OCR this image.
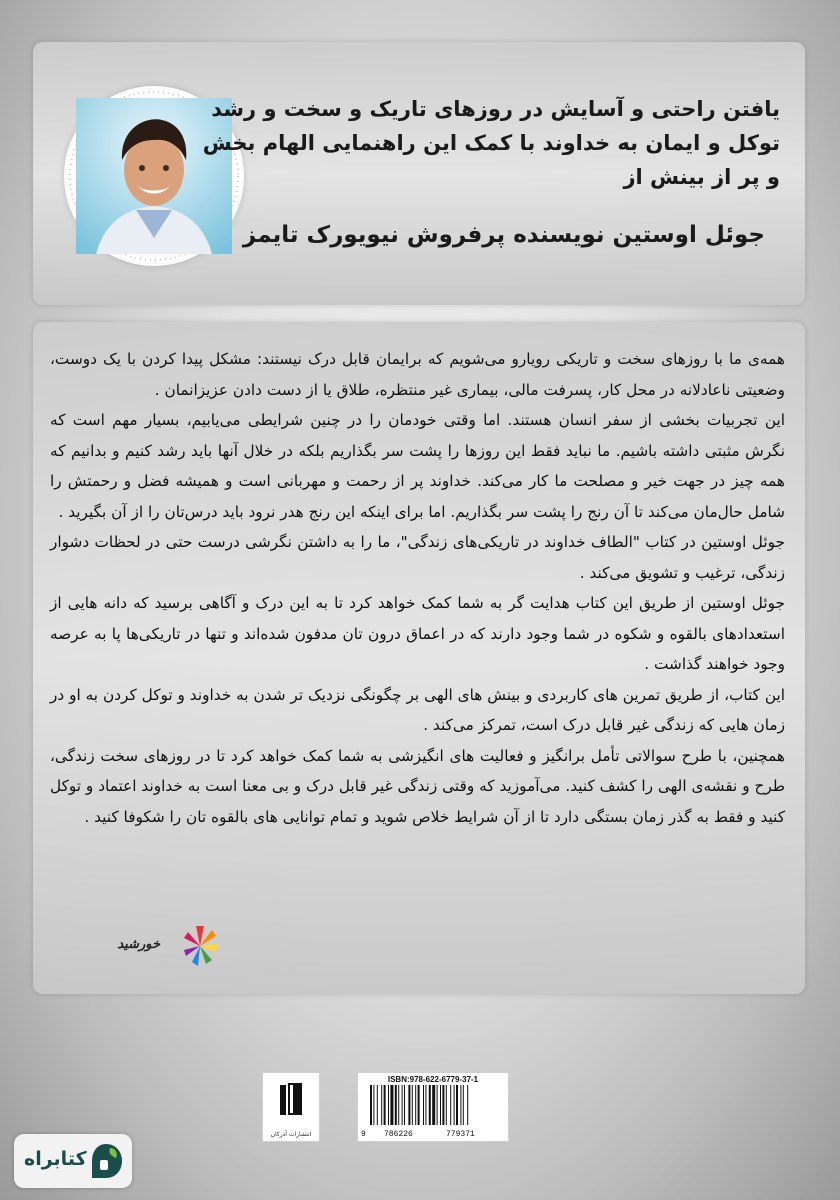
یافتن راحتی و آسایش در روزهای تاریک و سخت و رشد
توکل و ایمان به خداوند با کمک این راهنمایی الهام بخش
و پر از بینش از
جوئل اوستین نویسنده پرفروش نیویورک تایمز

همه‌ی ما با روزهای سخت و تاریکی رویارو می‌شویم که برایمان قابل درک نیستند: مشکل پیدا کردن با یک دوست، وضعیتی ناعادلانه در محل کار، پسرفت مالی، بیماری غیر منتظره، طلاق یا از دست دادن عزیزانمان .

این تجربیات بخشی از سفر انسان هستند. اما وقتی خودمان را در چنین شرایطی می‌یابیم، بسیار مهم است که نگرش مثبتی داشته باشیم. ما نباید فقط این روزها را پشت سر بگذاریم بلکه در خلال آنها باید رشد کنیم و بدانیم که همه چیز در جهت خیر و مصلحت ما کار می‌کند. خداوند پر از رحمت و مهربانی است و همیشه فضل و رحمتش را شامل حال‌مان می‌کند تا آن رنج را پشت سر بگذاریم. اما برای اینکه این رنج هدر نرود باید درس‌تان را از آن بگیرید .

جوئل اوستین در کتاب "الطاف خداوند در تاریکی‌های زندگی"، ما را به داشتن نگرشی درست حتی در لحظات دشوار زندگی، ترغیب و تشویق می‌کند .

جوئل اوستین از طریق این کتاب هدایت گر به شما کمک خواهد کرد تا به این درک و آگاهی برسید که دانه هایی از استعدادهای بالقوه و شکوه در شما وجود دارند که در اعماق درون تان مدفون شده‌اند و تنها در تاریکی‌ها پا به عرصه وجود خواهند گذاشت .

این کتاب، از طریق تمرین های کاربردی و بینش های الهی بر چگونگی نزدیک تر شدن به خداوند و توکل کردن به او در زمان هایی که زندگی غیر قابل درک است، تمرکز می‌کند .

همچنین، با طرح سوالاتی تأمل برانگیز و فعالیت های انگیزشی به شما کمک خواهد کرد تا در روزهای سخت زندگی، طرح و نقشه‌ی الهی را کشف کنید. می‌آموزید که وقتی زندگی غیر قابل درک و بی معنا است به خداوند اعتماد و توکل کنید و فقط به گذر زمان بستگی دارد تا از آن شرایط خلاص شوید و تمام توانایی های بالقوه تان را شکوفا کنید .

خورشید
انتشارات آذرکان
ISBN:978-622-6779-37-1
9 786226	779371
کتابراه
